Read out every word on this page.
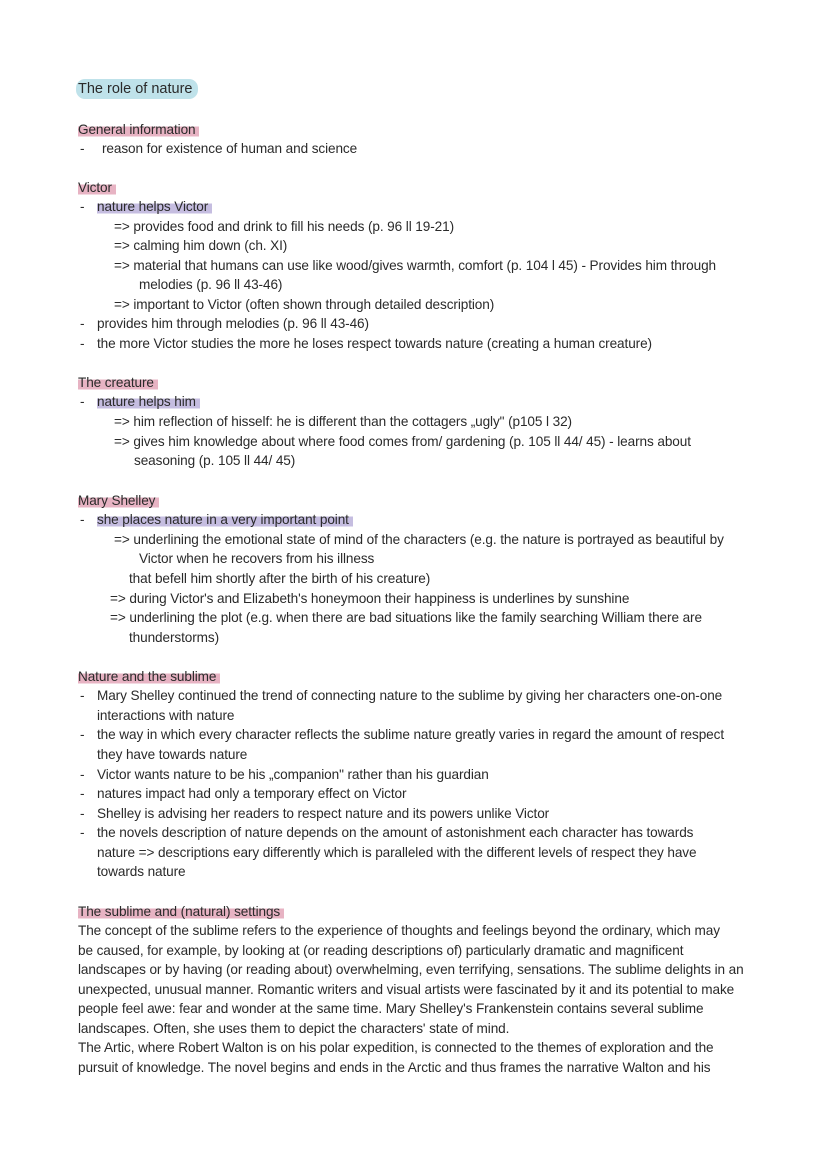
The role of nature
General information
- reason for existence of human and science
Victor
- nature helps Victor
=> provides food and drink to fill his needs (p. 96 ll 19-21)
=> calming him down (ch. XI)
=> material that humans can use like wood/gives warmth, comfort (p. 104 l 45) - Provides him through
melodies (p. 96 ll 43-46)
=> important to Victor (often shown through detailed description)
- provides him through melodies (p. 96 ll 43-46)
- the more Victor studies the more he loses respect towards nature (creating a human creature)
The creature
- nature helps him
=> him reflection of hisself: he is different than the cottagers „ugly" (p105 l 32)
=> gives him knowledge about where food comes from/ gardening (p. 105 ll 44/ 45) - learns about
seasoning (p. 105 ll 44/ 45)
Mary Shelley
- she places nature in a very important point
=> underlining the emotional state of mind of the characters (e.g. the nature is portrayed as beautiful by
Victor when he recovers from his illness
that befell him shortly after the birth of his creature)
=> during Victor's and Elizabeth's honeymoon their happiness is underlines by sunshine
=> underlining the plot (e.g. when there are bad situations like the family searching William there are
thunderstorms)
Nature and the sublime
- Mary Shelley continued the trend of connecting nature to the sublime by giving her characters one-on-one
interactions with nature
- the way in which every character reflects the sublime nature greatly varies in regard the amount of respect
they have towards nature
- Victor wants nature to be his „companion" rather than his guardian
- natures impact had only a temporary effect on Victor
- Shelley is advising her readers to respect nature and its powers unlike Victor
- the novels description of nature depends on the amount of astonishment each character has towards
nature => descriptions eary differently which is paralleled with the different levels of respect they have
towards nature
The sublime and (natural) settings
The concept of the sublime refers to the experience of thoughts and feelings beyond the ordinary, which may
be caused, for example, by looking at (or reading descriptions of) particularly dramatic and magnificent
landscapes or by having (or reading about) overwhelming, even terrifying, sensations. The sublime delights in an
unexpected, unusual manner. Romantic writers and visual artists were fascinated by it and its potential to make
people feel awe: fear and wonder at the same time. Mary Shelley's Frankenstein contains several sublime
landscapes. Often, she uses them to depict the characters' state of mind.
The Artic, where Robert Walton is on his polar expedition, is connected to the themes of exploration and the
pursuit of knowledge. The novel begins and ends in the Arctic and thus frames the narrative Walton and his
